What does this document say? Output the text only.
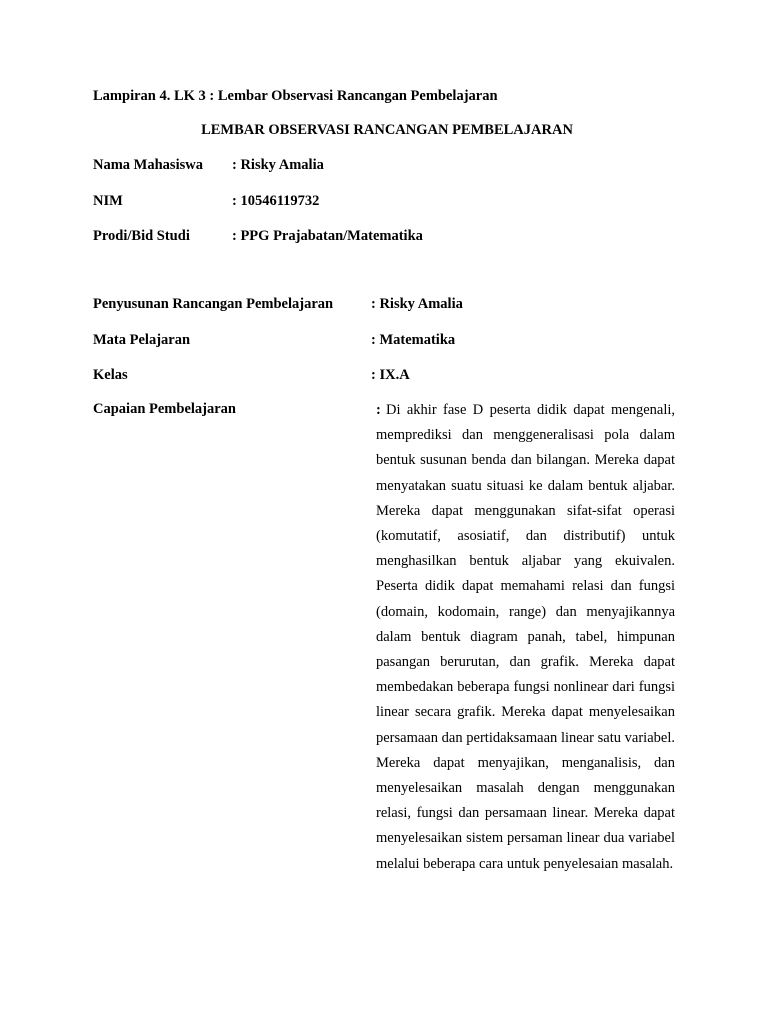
Lampiran 4. LK 3 : Lembar Observasi Rancangan Pembelajaran
LEMBAR OBSERVASI RANCANGAN PEMBELAJARAN
Nama Mahasiswa : Risky Amalia
NIM	: 10546119732
Prodi/Bid Studi	: PPG Prajabatan/Matematika
Penyusunan Rancangan Pembelajaran	: Risky Amalia
Mata Pelajaran	: Matematika
Kelas	: IX.A
Capaian Pembelajaran	: Di akhir fase D peserta didik dapat mengenali, memprediksi dan menggeneralisasi pola dalam bentuk susunan benda dan bilangan. Mereka dapat menyatakan suatu situasi ke dalam bentuk aljabar. Mereka dapat menggunakan sifat-sifat operasi (komutatif, asosiatif, dan distributif) untuk menghasilkan bentuk aljabar yang ekuivalen. Peserta didik dapat memahami relasi dan fungsi (domain, kodomain, range) dan menyajikannya dalam bentuk diagram panah, tabel, himpunan pasangan berurutan, dan grafik. Mereka dapat membedakan beberapa fungsi nonlinear dari fungsi linear secara grafik. Mereka dapat menyelesaikan persamaan dan pertidaksamaan linear satu variabel. Mereka dapat menyajikan, menganalisis, dan menyelesaikan masalah dengan menggunakan relasi, fungsi dan persamaan linear. Mereka dapat menyelesaikan sistem persaman linear dua variabel melalui beberapa cara untuk penyelesaian masalah.
